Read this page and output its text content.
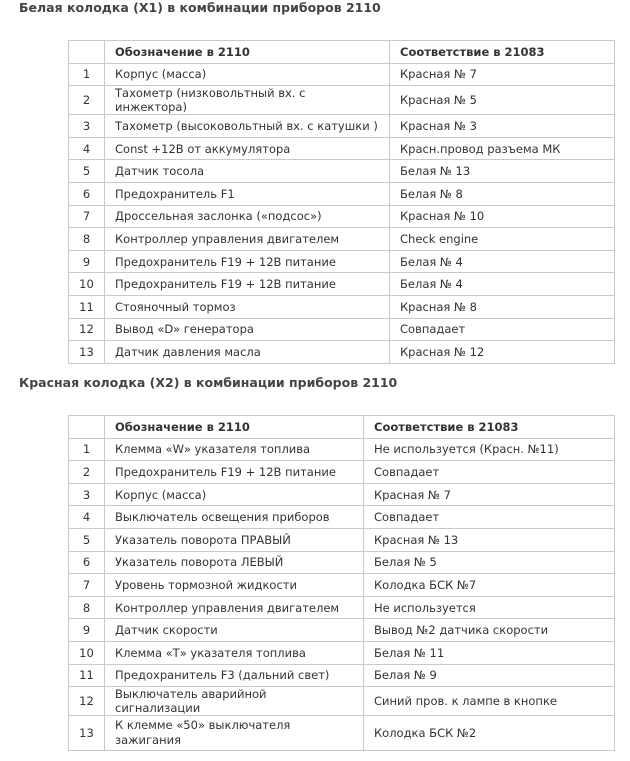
Белая колодка (X1) в комбинации приборов 2110
	Обозначение в 2110	Соответствие в 21083
1	Корпус (масса)	Красная № 7
2	Тахометр (низковольтный вх. с инжектора)	Красная № 5
3	Тахометр (высоковольтный вх. с катушки )	Красная № 3
4	Const +12В от аккумулятора	Красн.провод разъема МК
5	Датчик тосола	Белая № 13
6	Предохранитель F1	Белая № 8
7	Дроссельная заслонка («подсос»)	Красная № 10
8	Контроллер управления двигателем	Check engine
9	Предохранитель F19 + 12В питание	Белая № 4
10	Предохранитель F19 + 12В питание	Белая № 4
11	Стояночный тормоз	Красная № 8
12	Вывод «D» генератора	Совпадает
13	Датчик давления масла	Красная № 12
Красная колодка (X2) в комбинации приборов 2110
	Обозначение в 2110	Соответствие в 21083
1	Клемма «W» указателя топлива	Не используется (Красн. №11)
2	Предохранитель F19 + 12В питание	Совпадает
3	Корпус (масса)	Красная № 7
4	Выключатель освещения приборов	Совпадает
5	Указатель поворота ПРАВЫЙ	Красная № 13
6	Указатель поворота ЛЕВЫЙ	Белая № 5
7	Уровень тормозной жидкости	Колодка БСК №7
8	Контроллер управления двигателем	Не используется
9	Датчик скорости	Вывод №2 датчика скорости
10	Клемма «Т» указателя топлива	Белая № 11
11	Предохранитель F3 (дальний свет)	Белая № 9
12	Выключатель аварийной сигнализации	Синий пров. к лампе в кнопке
13	К клемме «50» выключателя зажигания	Колодка БСК №2
